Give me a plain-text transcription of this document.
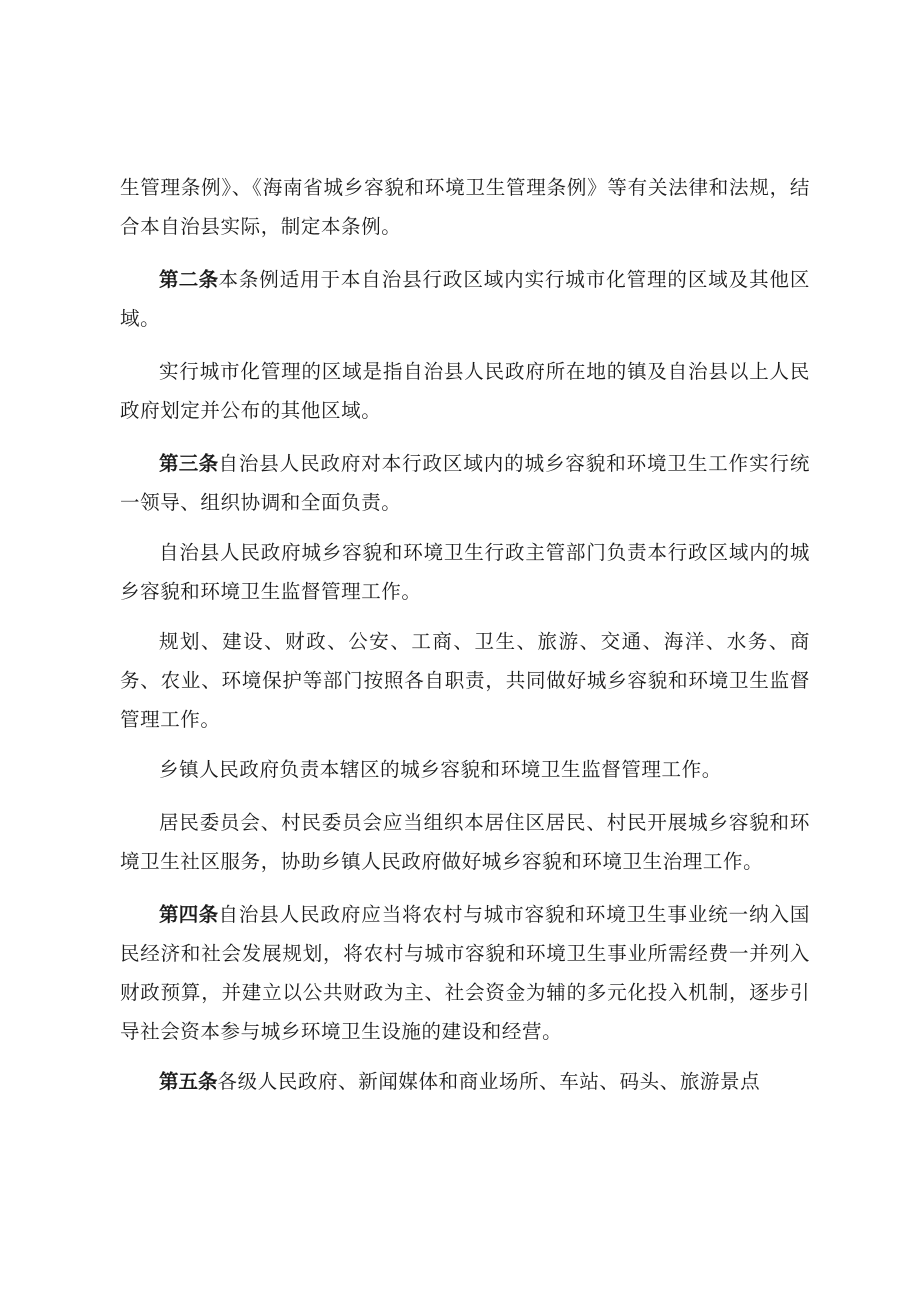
生管理条例》、《海南省城乡容貌和环境卫生管理条例》等有关法律和法规，结合本自治县实际，制定本条例。

第二条本条例适用于本自治县行政区域内实行城市化管理的区域及其他区域。

实行城市化管理的区域是指自治县人民政府所在地的镇及自治县以上人民政府划定并公布的其他区域。

第三条自治县人民政府对本行政区域内的城乡容貌和环境卫生工作实行统一领导、组织协调和全面负责。

自治县人民政府城乡容貌和环境卫生行政主管部门负责本行政区域内的城乡容貌和环境卫生监督管理工作。

规划、建设、财政、公安、工商、卫生、旅游、交通、海洋、水务、商务、农业、环境保护等部门按照各自职责，共同做好城乡容貌和环境卫生监督管理工作。

乡镇人民政府负责本辖区的城乡容貌和环境卫生监督管理工作。

居民委员会、村民委员会应当组织本居住区居民、村民开展城乡容貌和环境卫生社区服务，协助乡镇人民政府做好城乡容貌和环境卫生治理工作。

第四条自治县人民政府应当将农村与城市容貌和环境卫生事业统一纳入国民经济和社会发展规划，将农村与城市容貌和环境卫生事业所需经费一并列入财政预算，并建立以公共财政为主、社会资金为辅的多元化投入机制，逐步引导社会资本参与城乡环境卫生设施的建设和经营。

第五条各级人民政府、新闻媒体和商业场所、车站、码头、旅游景点
